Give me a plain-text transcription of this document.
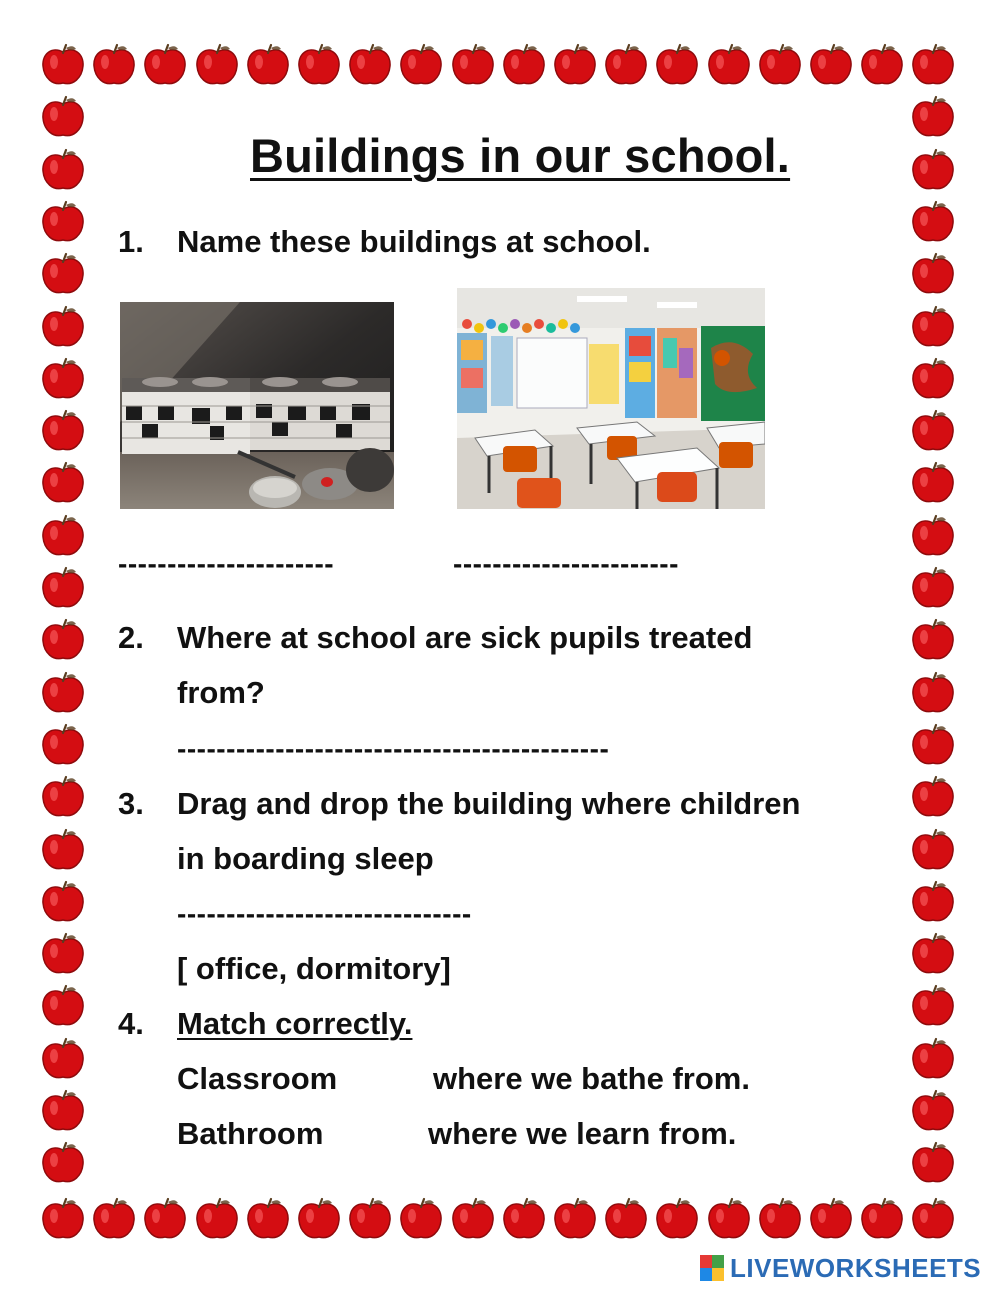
Buildings in our school.
1. Name these buildings at school.
----------------------	-----------------------
2. Where at school are sick pupils treated
from?
--------------------------------------------
3. Drag and drop the building where children
in boarding sleep
------------------------------
[ office, dormitory]
4. Match correctly.
Classroom	where we bathe from.
Bathroom	where we learn from.
LIVEWORKSHEETS
